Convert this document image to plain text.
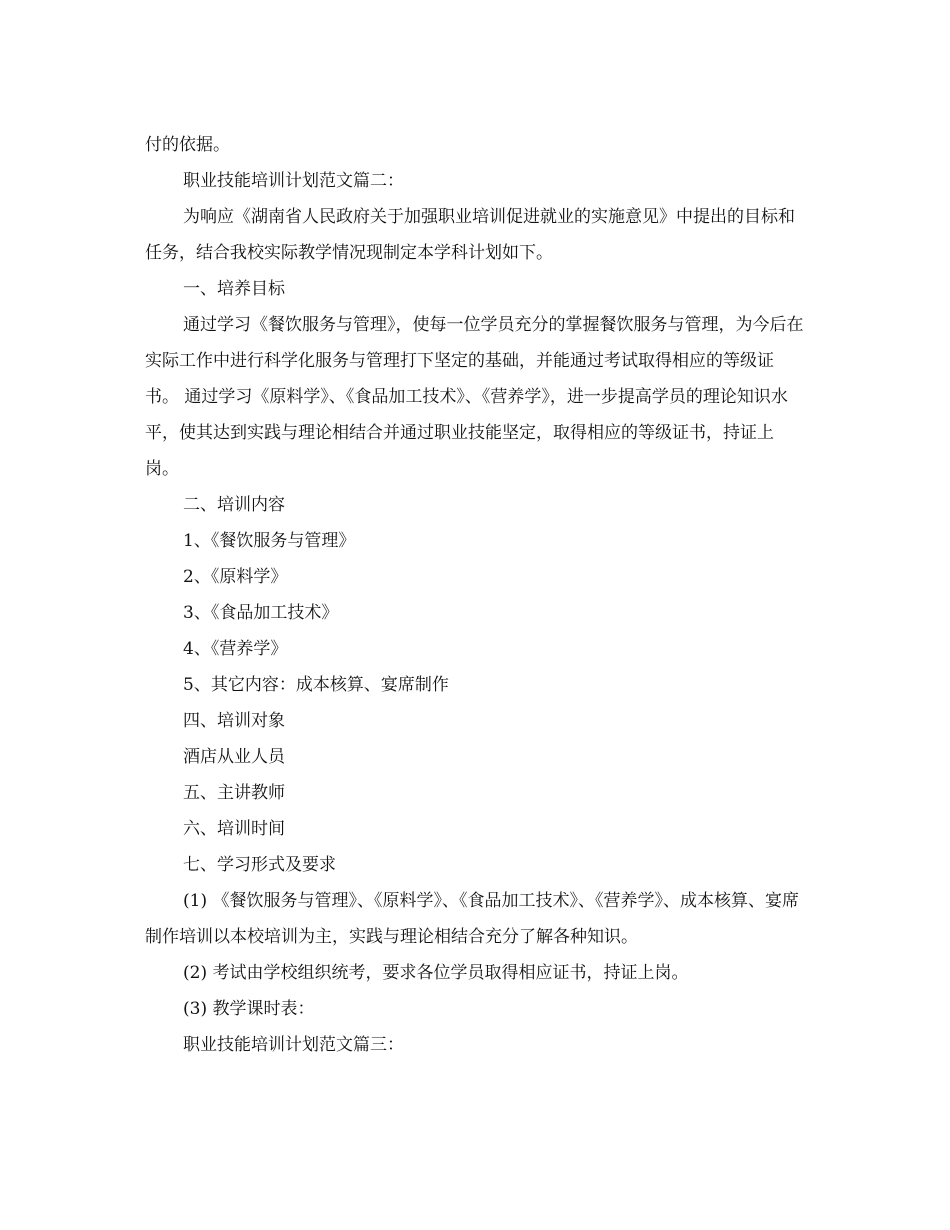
付的依据。

职业技能培训计划范文篇二：

为响应《湖南省人民政府关于加强职业培训促进就业的实施意见》中提出的目标和任务，结合我校实际教学情况现制定本学科计划如下。

一、培养目标

通过学习《餐饮服务与管理》，使每一位学员充分的掌握餐饮服务与管理，为今后在实际工作中进行科学化服务与管理打下坚定的基础，并能通过考试取得相应的等级证书。 通过学习《原料学》、《食品加工技术》、《营养学》，进一步提高学员的理论知识水平，使其达到实践与理论相结合并通过职业技能坚定，取得相应的等级证书，持证上岗。

二、培训内容

1、《餐饮服务与管理》

2、《原料学》

3、《食品加工技术》

4、《营养学》

5、其它内容：成本核算、宴席制作

四、培训对象

酒店从业人员

五、主讲教师

六、培训时间

七、学习形式及要求

(1) 《餐饮服务与管理》、《原料学》、《食品加工技术》、《营养学》、成本核算、宴席制作培训以本校培训为主，实践与理论相结合充分了解各种知识。

(2) 考试由学校组织统考，要求各位学员取得相应证书，持证上岗。

(3) 教学课时表：

职业技能培训计划范文篇三：
